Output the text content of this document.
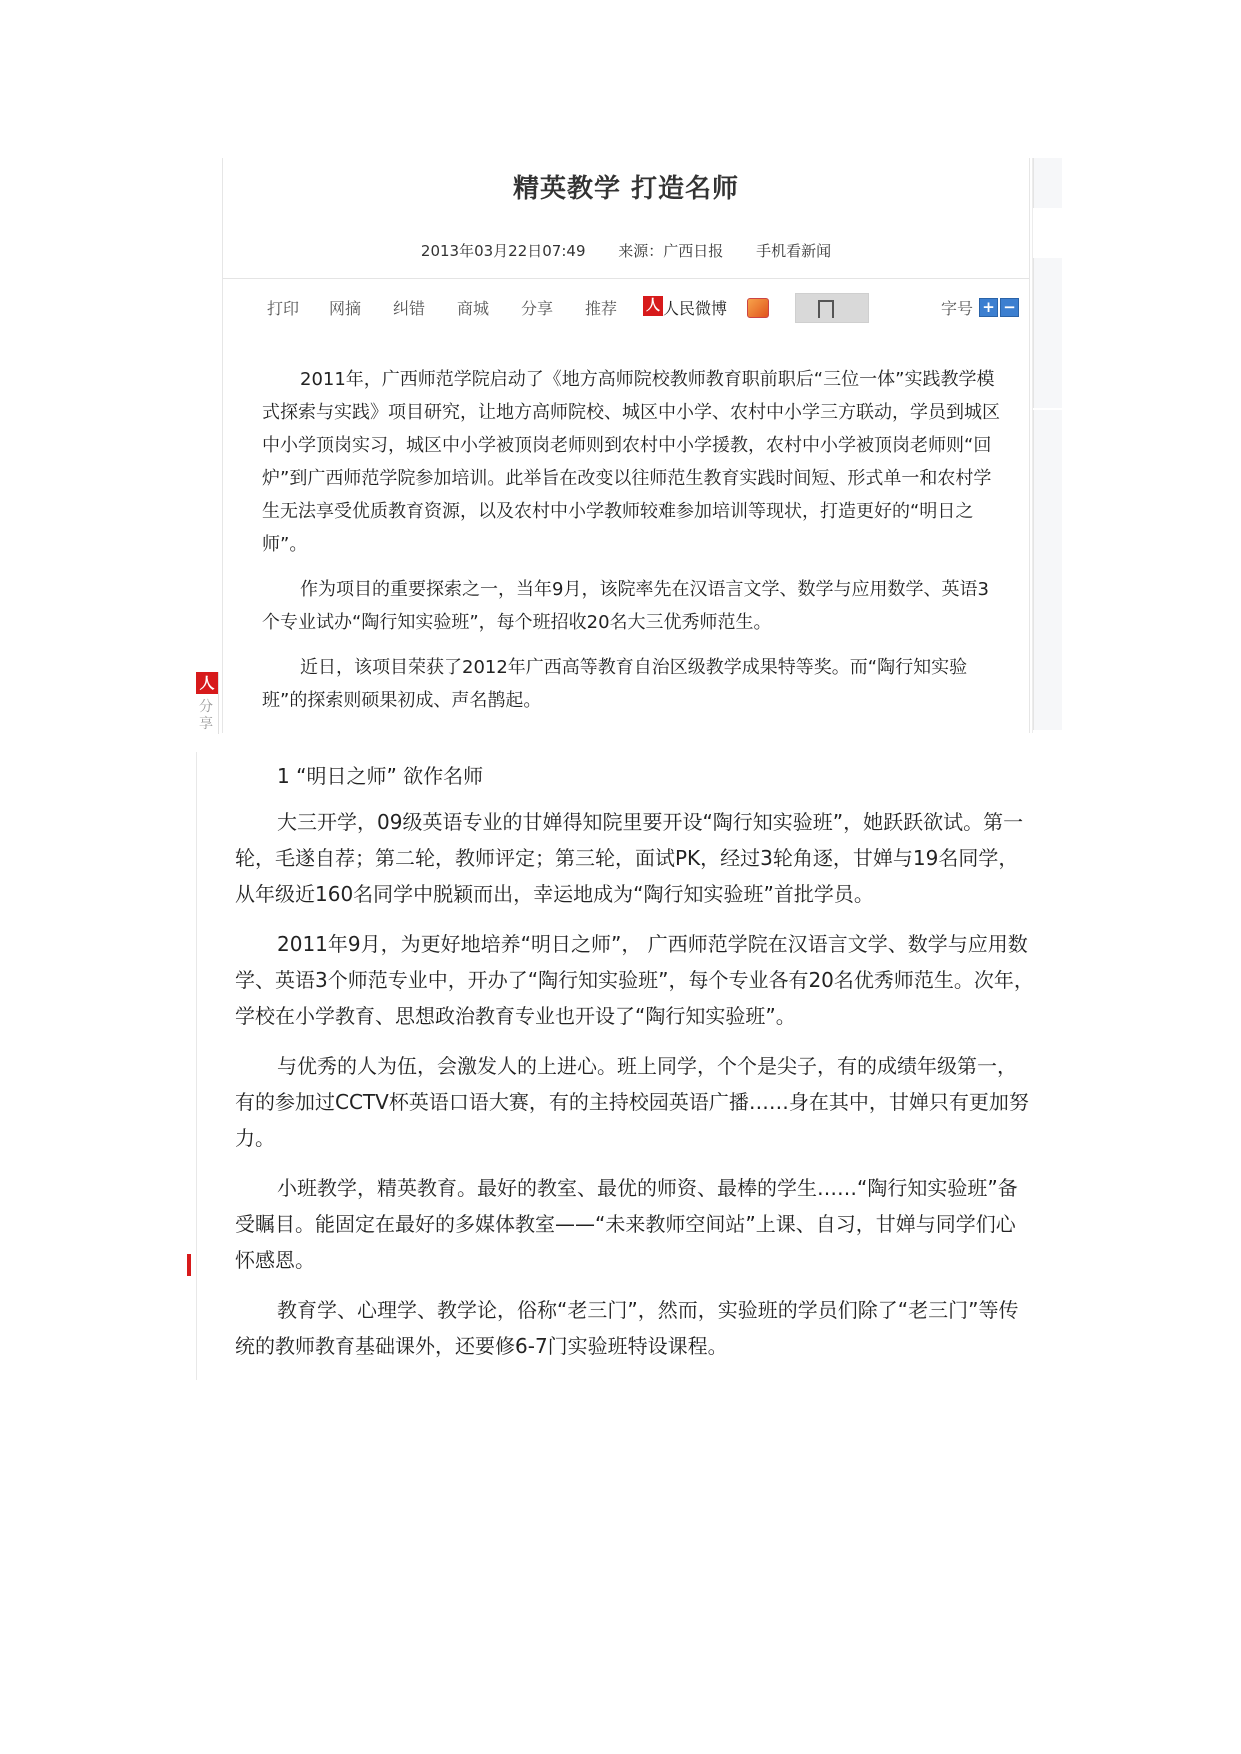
精英教学 打造名师
2013年03月22日07:49 来源：广西日报 手机看新闻
打印 网摘 纠错 商城 分享 推荐 人 人民微博	字号 + −

2011年，广西师范学院启动了《地方高师院校教师教育职前职后“三位一体”实践教学模式探索与实践》项目研究，让地方高师院校、城区中小学、农村中小学三方联动，学员到城区中小学顶岗实习，城区中小学被顶岗老师则到农村中小学援教，农村中小学被顶岗老师则“回炉”到广西师范学院参加培训。此举旨在改变以往师范生教育实践时间短、形式单一和农村学生无法享受优质教育资源，以及农村中小学教师较难参加培训等现状，打造更好的“明日之师”。

作为项目的重要探索之一，当年9月，该院率先在汉语言文学、数学与应用数学、英语3个专业试办“陶行知实验班”，每个班招收20名大三优秀师范生。

近日，该项目荣获了2012年广西高等教育自治区级教学成果特等奖。而“陶行知实验班”的探索则硕果初成、声名鹊起。

人
分享
1 “明日之师” 欲作名师

大三开学，09级英语专业的甘婵得知院里要开设“陶行知实验班”，她跃跃欲试。第一轮，毛遂自荐；第二轮，教师评定；第三轮，面试PK，经过3轮角逐，甘婵与19名同学，从年级近160名同学中脱颖而出，幸运地成为“陶行知实验班”首批学员。

2011年9月，为更好地培养“明日之师”， 广西师范学院在汉语言文学、数学与应用数学、英语3个师范专业中，开办了“陶行知实验班”，每个专业各有20名优秀师范生。次年，学校在小学教育、思想政治教育专业也开设了“陶行知实验班”。

与优秀的人为伍，会激发人的上进心。班上同学，个个是尖子，有的成绩年级第一，有的参加过CCTV杯英语口语大赛，有的主持校园英语广播……身在其中，甘婵只有更加努力。

小班教学，精英教育。最好的教室、最优的师资、最棒的学生……“陶行知实验班”备受瞩目。能固定在最好的多媒体教室——“未来教师空间站”上课、自习，甘婵与同学们心怀感恩。

教育学、心理学、教学论，俗称“老三门”，然而，实验班的学员们除了“老三门”等传统的教师教育基础课外，还要修6-7门实验班特设课程。
